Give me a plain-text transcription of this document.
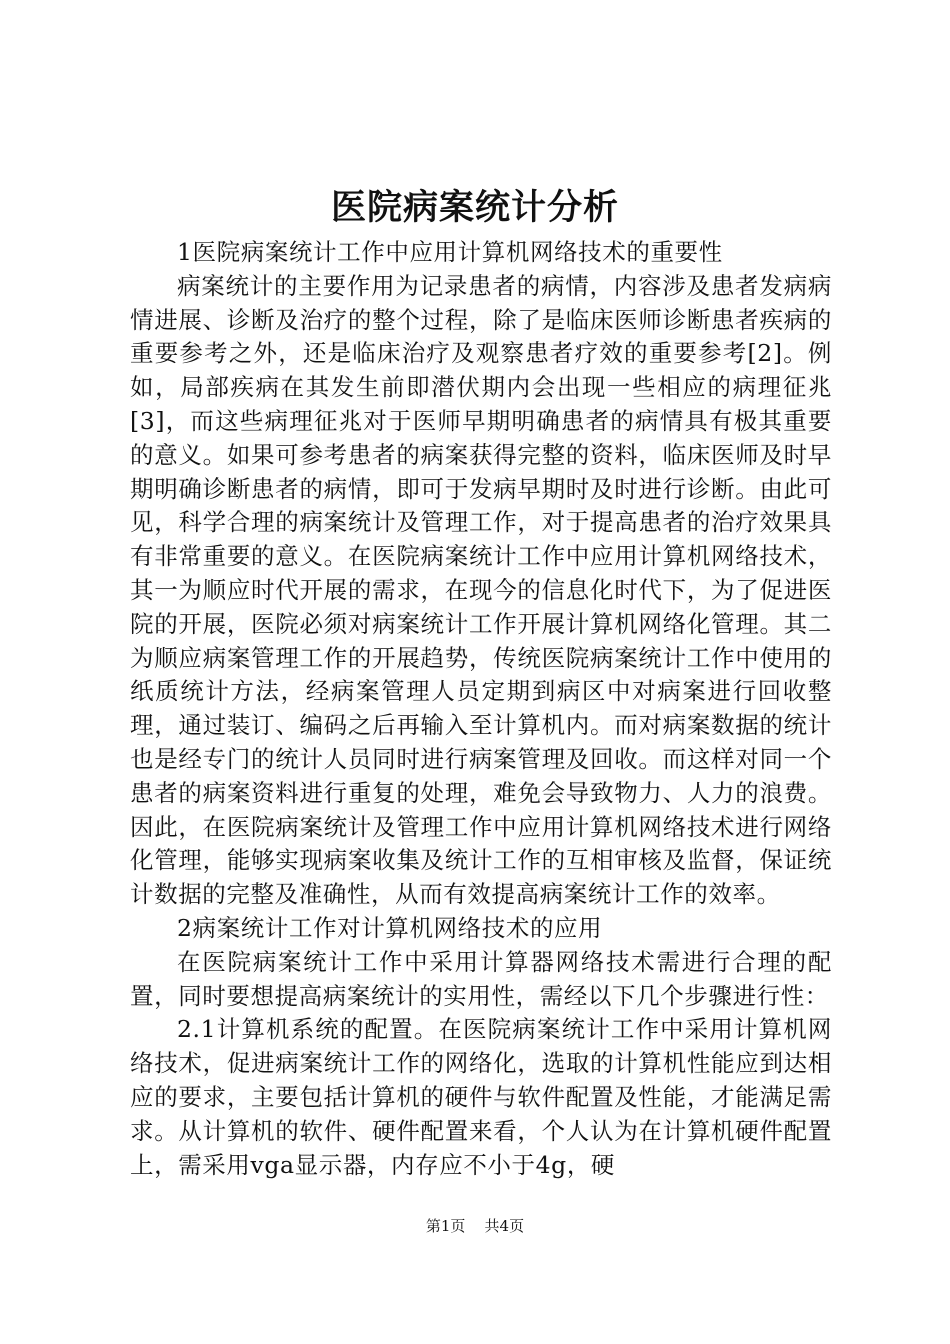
医院病案统计分析

1医院病案统计工作中应用计算机网络技术的重要性

病案统计的主要作用为记录患者的病情，内容涉及患者发病病情进展、诊断及治疗的整个过程，除了是临床医师诊断患者疾病的重要参考之外，还是临床治疗及观察患者疗效的重要参考[2]。例如，局部疾病在其发生前即潜伏期内会出现一些相应的病理征兆[3]，而这些病理征兆对于医师早期明确患者的病情具有极其重要的意义。如果可参考患者的病案获得完整的资料，临床医师及时早期明确诊断患者的病情，即可于发病早期时及时进行诊断。由此可见，科学合理的病案统计及管理工作，对于提高患者的治疗效果具有非常重要的意义。在医院病案统计工作中应用计算机网络技术，其一为顺应时代开展的需求，在现今的信息化时代下，为了促进医院的开展，医院必须对病案统计工作开展计算机网络化管理。其二为顺应病案管理工作的开展趋势，传统医院病案统计工作中使用的纸质统计方法，经病案管理人员定期到病区中对病案进行回收整理，通过装订、编码之后再输入至计算机内。而对病案数据的统计也是经专门的统计人员同时进行病案管理及回收。而这样对同一个患者的病案资料进行重复的处理，难免会导致物力、人力的浪费。因此，在医院病案统计及管理工作中应用计算机网络技术进行网络化管理，能够实现病案收集及统计工作的互相审核及监督，保证统计数据的完整及准确性，从而有效提高病案统计工作的效率。

2病案统计工作对计算机网络技术的应用

在医院病案统计工作中采用计算器网络技术需进行合理的配置，同时要想提高病案统计的实用性，需经以下几个步骤进行性：

2.1计算机系统的配置。在医院病案统计工作中采用计算机网络技术，促进病案统计工作的网络化，选取的计算机性能应到达相应的要求，主要包括计算机的硬件与软件配置及性能，才能满足需求。从计算机的软件、硬件配置来看，个人认为在计算机硬件配置上，需采用vga显示器，内存应不小于4g，硬

第1页 共4页
